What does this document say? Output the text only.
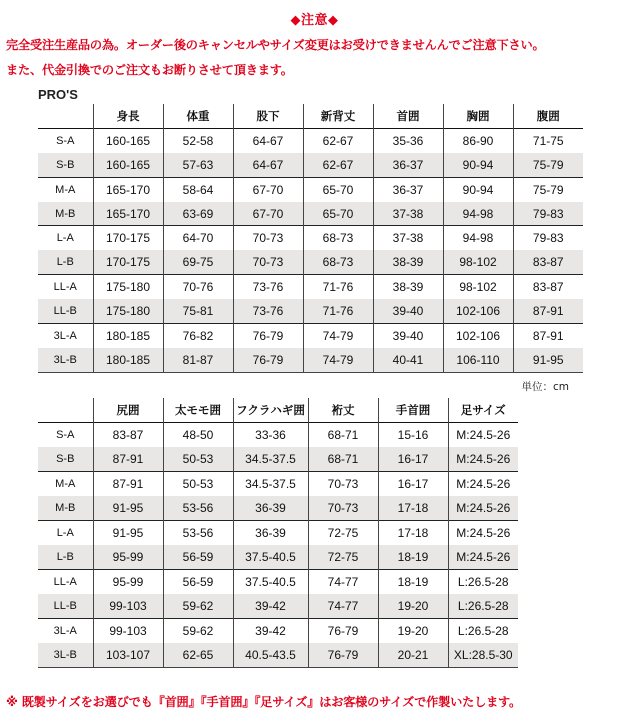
◆注意◆
完全受注生産品の為。オーダー後のキャンセルやサイズ変更はお受けできませんんでご注意下さい。
また、代金引換でのご注文もお断りさせて頂きます。
PRO'S
	身長	体重	股下	新背丈	首囲	胸囲	腹囲
S-A	160-165	52-58	64-67	62-67	35-36	86-90	71-75
S-B	160-165	57-63	64-67	62-67	36-37	90-94	75-79
M-A	165-170	58-64	67-70	65-70	36-37	90-94	75-79
M-B	165-170	63-69	67-70	65-70	37-38	94-98	79-83
L-A	170-175	64-70	70-73	68-73	37-38	94-98	79-83
L-B	170-175	69-75	70-73	68-73	38-39	98-102	83-87
LL-A	175-180	70-76	73-76	71-76	38-39	98-102	83-87
LL-B	175-180	75-81	73-76	71-76	39-40	102-106	87-91
3L-A	180-185	76-82	76-79	74-79	39-40	102-106	87-91
3L-B	180-185	81-87	76-79	74-79	40-41	106-110	91-95
単位：cm
	尻囲	太モモ囲	フクラハギ囲	裄丈	手首囲	足サイズ
S-A	83-87	48-50	33-36	68-71	15-16	M:24.5-26
S-B	87-91	50-53	34.5-37.5	68-71	16-17	M:24.5-26
M-A	87-91	50-53	34.5-37.5	70-73	16-17	M:24.5-26
M-B	91-95	53-56	36-39	70-73	17-18	M:24.5-26
L-A	91-95	53-56	36-39	72-75	17-18	M:24.5-26
L-B	95-99	56-59	37.5-40.5	72-75	18-19	M:24.5-26
LL-A	95-99	56-59	37.5-40.5	74-77	18-19	L:26.5-28
LL-B	99-103	59-62	39-42	74-77	19-20	L:26.5-28
3L-A	99-103	59-62	39-42	76-79	19-20	L:26.5-28
3L-B	103-107	62-65	40.5-43.5	76-79	20-21	XL:28.5-30
※ 既製サイズをお選びでも『首囲』『手首囲』『足サイズ』はお客様のサイズで作製いたします。
